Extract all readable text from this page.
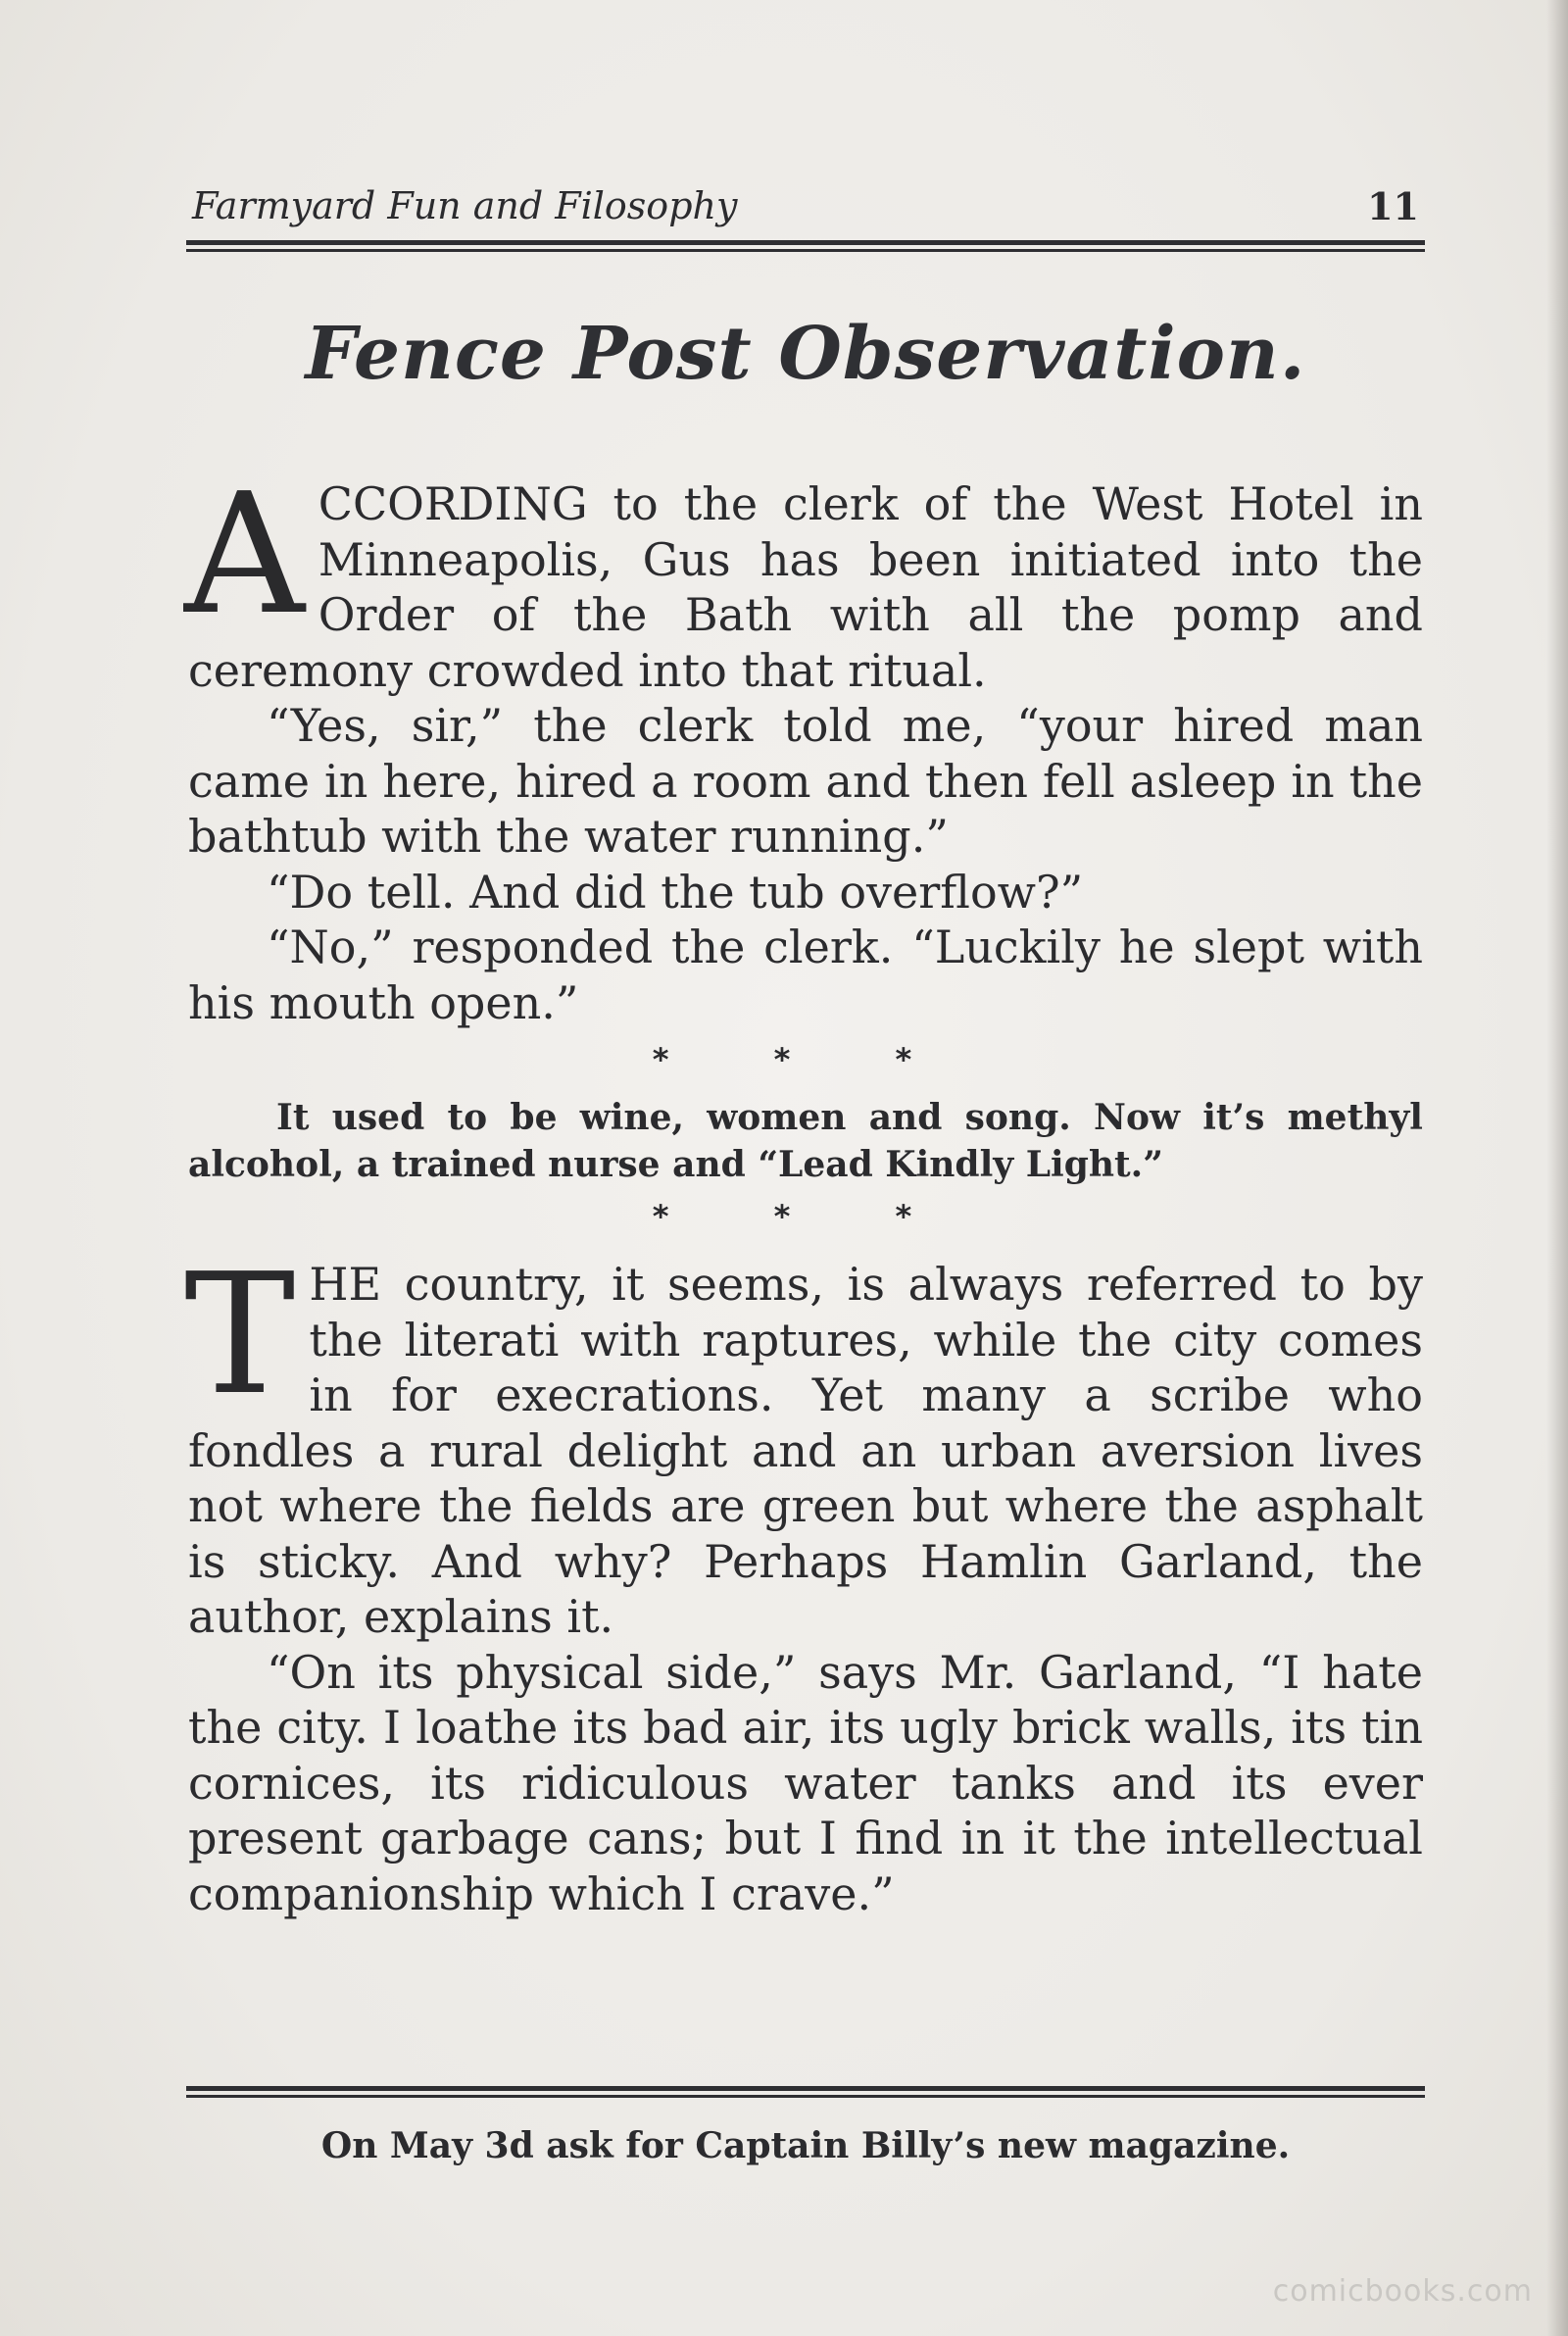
Farmyard Fun and Filosophy	11
Fence Post Observation․

ACCORDING to the clerk of the West Hotel in Minneapolis, Gus has been initiated into the Order of the Bath with all the pomp and ceremony crowded into that ritual.

“Yes, sir,” the clerk told me, “your hired man came in here, hired a room and then fell asleep in the bathtub with the water running.”

“Do tell. And did the tub overflow?”

“No,” responded the clerk. “Luckily he slept with his mouth open.”

* * *

It used to be wine, women and song. Now it’s methyl alcohol, a trained nurse and “Lead Kindly Light.”

* * *

THE country, it seems, is always referred to by the literati with raptures, while the city comes in for execrations. Yet many a scribe who fondles a rural delight and an urban aversion lives not where the fields are green but where the asphalt is sticky. And why? Perhaps Hamlin Garland, the author, explains it.

“On its physical side,” says Mr. Garland, “I hate the city. I loathe its bad air, its ugly brick walls, its tin cornices, its ridiculous water tanks and its ever present garbage cans; but I find in it the intellectual companionship which I crave.”

On May 3d ask for Captain Billy’s new magazine.
comicbooks.com
